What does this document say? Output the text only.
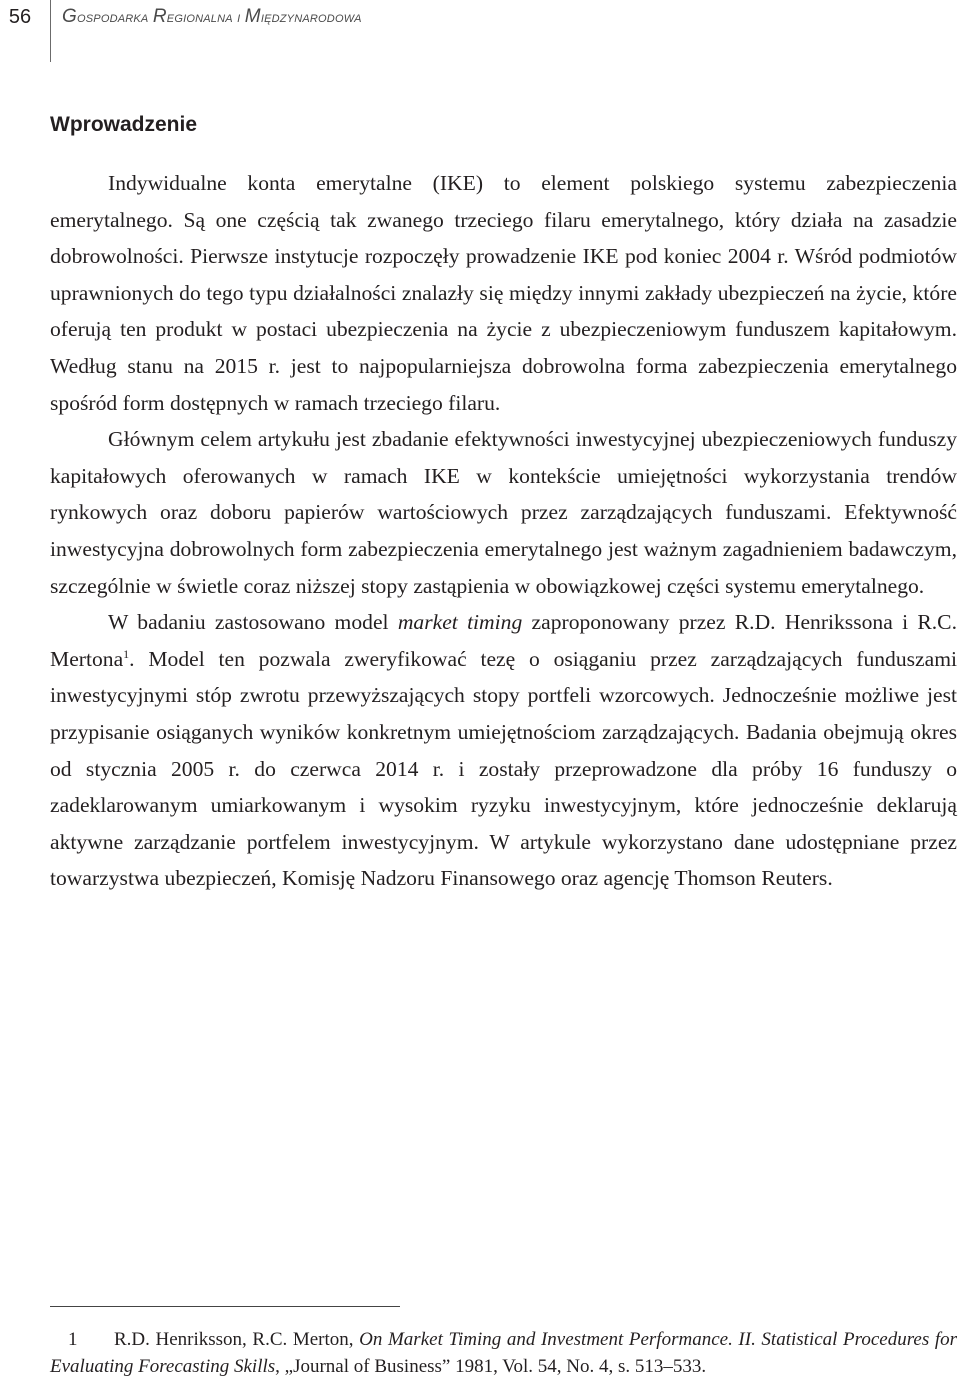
56	Gospodarka Regionalna i Międzynarodowa
Wprowadzenie

Indywidualne konta emerytalne (IKE) to element polskiego systemu zabezpieczenia emerytalnego. Są one częścią tak zwanego trzeciego filaru emerytalnego, który działa na zasadzie dobrowolności. Pierwsze instytucje rozpoczęły prowadzenie IKE pod koniec 2004 r. Wśród podmiotów uprawnionych do tego typu działalności znalazły się między innymi zakłady ubezpieczeń na życie, które oferują ten produkt w postaci ubezpieczenia na życie z ubezpieczeniowym funduszem kapitałowym. Według stanu na 2015 r. jest to najpopularniejsza dobrowolna forma zabezpieczenia emerytalnego spośród form dostępnych w ramach trzeciego filaru.

Głównym celem artykułu jest zbadanie efektywności inwestycyjnej ubezpieczeniowych funduszy kapitałowych oferowanych w ramach IKE w kontekście umiejętności wykorzystania trendów rynkowych oraz doboru papierów wartościowych przez zarządzających funduszami. Efektywność inwestycyjna dobrowolnych form zabezpieczenia emerytalnego jest ważnym zagadnieniem badawczym, szczególnie w świetle coraz niższej stopy zastąpienia w obowiązkowej części systemu emerytalnego.

W badaniu zastosowano model market timing zaproponowany przez R.D. Henrikssona i R.C. Mertona$^1$. Model ten pozwala zweryfikować tezę o osiąganiu przez zarządzających funduszami inwestycyjnymi stóp zwrotu przewyższających stopy portfeli wzorcowych. Jednocześnie możliwe jest przypisanie osiąganych wyników konkretnym umiejętnościom zarządzających. Badania obejmują okres od stycznia 2005 r. do czerwca 2014 r. i zostały przeprowadzone dla próby 16 funduszy o zadeklarowanym umiarkowanym i wysokim ryzyku inwestycyjnym, które jednocześnie deklarują aktywne zarządzanie portfelem inwestycyjnym. W artykule wykorzystano dane udostępniane przez towarzystwa ubezpieczeń, Komisję Nadzoru Finansowego oraz agencję Thomson Reuters.

1 R.D. Henriksson, R.C. Merton, On Market Timing and Investment Performance. II. Statistical Procedures for Evaluating Forecasting Skills, „Journal of Business” 1981, Vol. 54, No. 4, s. 513–533.
